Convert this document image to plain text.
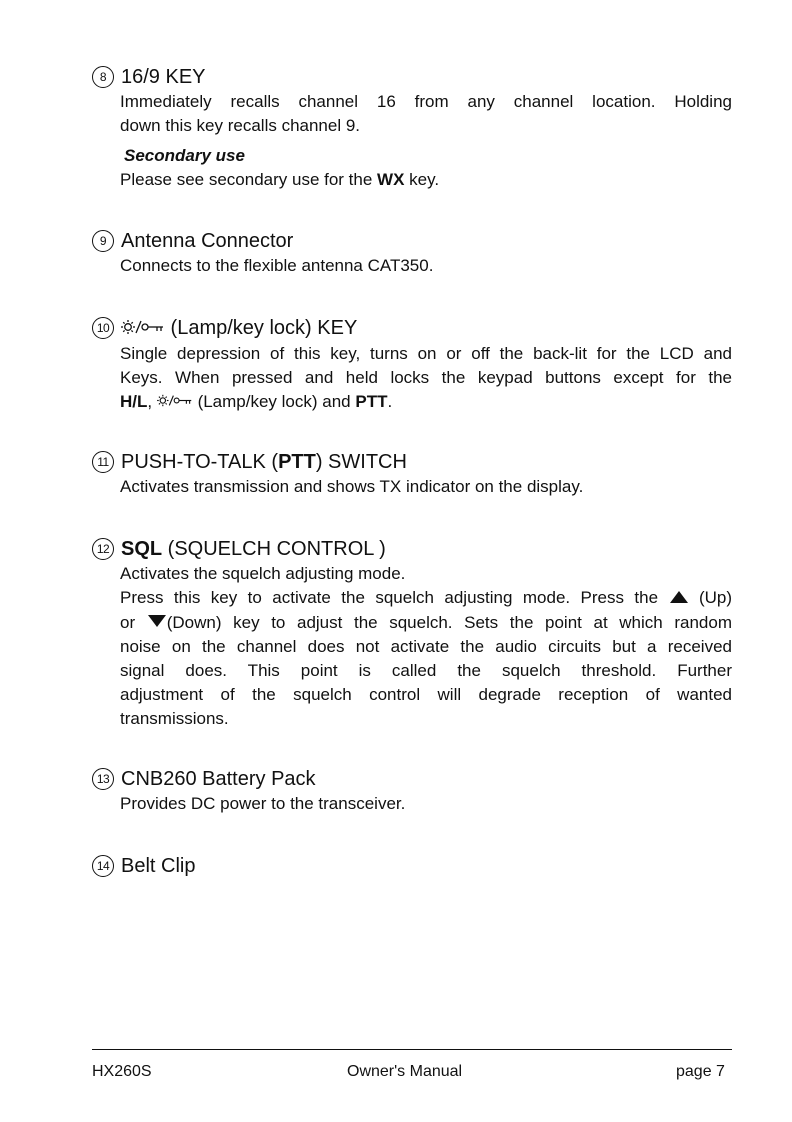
8 16/9 KEY
Immediately recalls channel 16 from any channel location. Holding
down this key recalls channel 9.
Secondary use
Please see secondary use for the WX key.
9 Antenna Connector
Connects to the flexible antenna CAT350.
10	(Lamp/key lock) KEY
Single depression of this key, turns on or off the back-lit for the LCD and
Keys. When pressed and held locks the keypad buttons except for the
H/L,  (Lamp/key lock) and PTT.
11 PUSH-TO-TALK (PTT) SWITCH
Activates transmission and shows TX indicator on the display.
12 SQL (SQUELCH CONTROL )
Activates the squelch adjusting mode.
Press this key to activate the squelch adjusting mode. Press the  (Up)
or (Down) key to adjust the squelch. Sets the point at which random
noise on the channel does not activate the audio circuits but a received
signal does. This point is called the squelch threshold. Further
adjustment of the squelch control will degrade reception of wanted
transmissions.
13 CNB260 Battery Pack
Provides DC power to the transceiver.
14 Belt Clip
HX260S	Owner's Manual	page 7
